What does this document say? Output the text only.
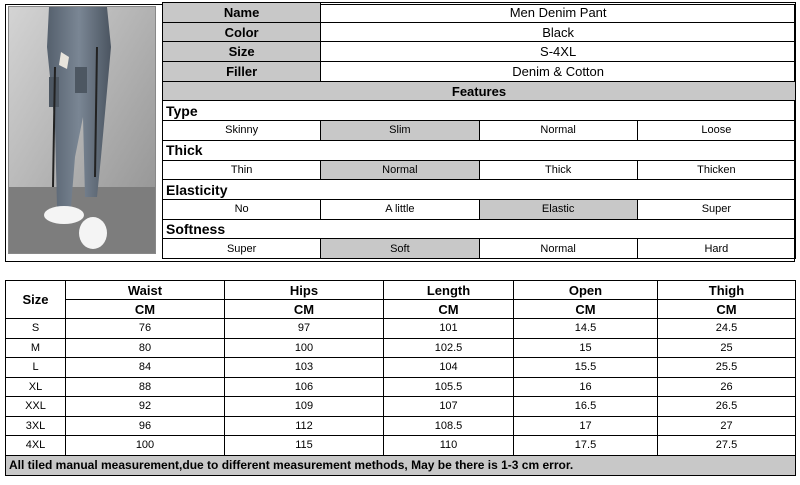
Name	Men Denim Pant		
Color	Black		
Size	S-4XL		
Filler	Denim & Cotton		
Features			
Type			
Skinny	Slim	Normal	Loose
Thick			
Thin	Normal	Thick	Thicken
Elasticity			
No	A little	Elastic	Super
Softness			
Super	Soft	Normal	Hard
Size	Waist	Hips	Length	Open	Thigh
	CM	CM	CM	CM	CM
S	76	97	101	14.5	24.5
M	80	100	102.5	15	25
L	84	103	104	15.5	25.5
XL	88	106	105.5	16	26
XXL	92	109	107	16.5	26.5
3XL	96	112	108.5	17	27
4XL	100	115	110	17.5	27.5
All tiled manual measurement,due to different measurement methods, May be there is 1-3 cm error.					
